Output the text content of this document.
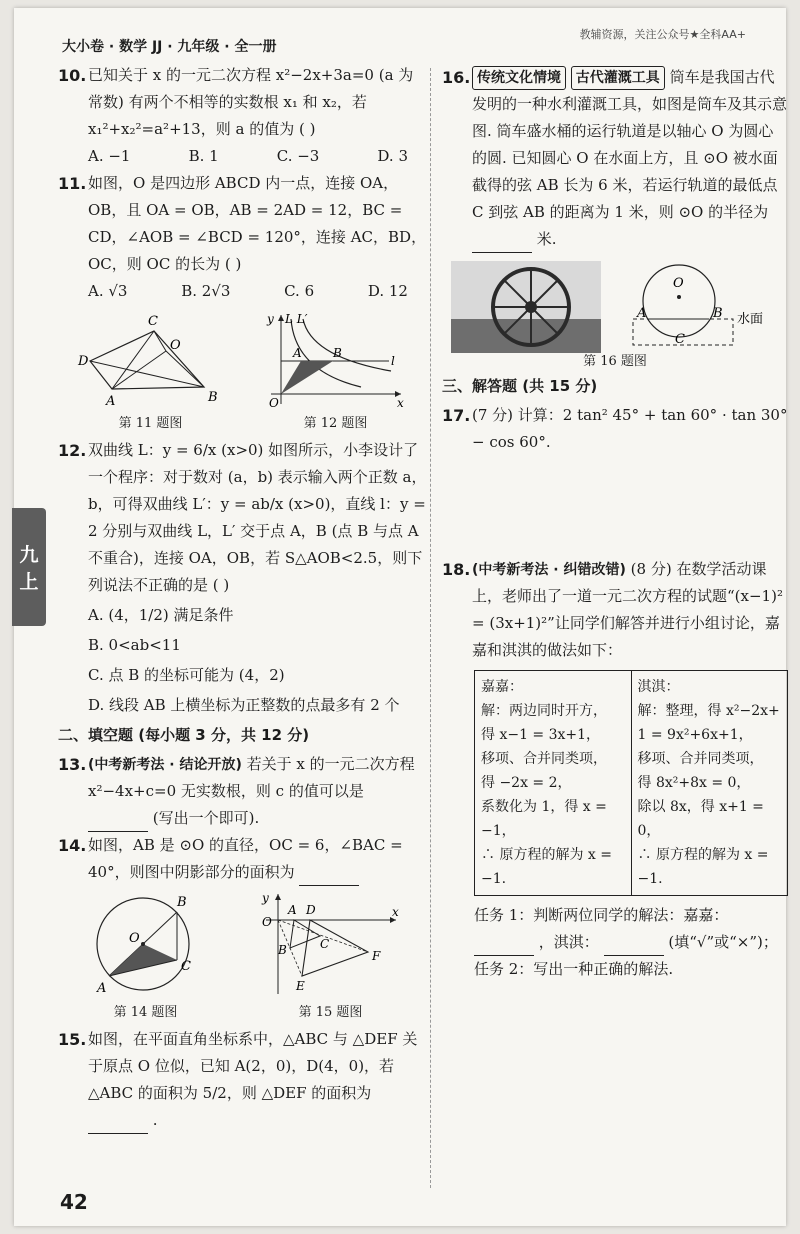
大小卷 · 数学 JJ · 九年级 · 全一册
教辅资源，关注公众号★全科AA+
九
上
10. 已知关于 x 的一元二次方程 x²−2x+3a=0 (a 为常数) 有两个不相等的实数根 x₁ 和 x₂，若 x₁²+x₂²=a²+13，则 a 的值为 ( )
A. −1	B. 1	C. −3	D. 3
11. 如图，O 是四边形 ABCD 内一点，连接 OA，OB，且 OA = OB，AB = 2AD = 12，BC = CD，∠AOB = ∠BCD = 120°，连接 AC，BD，OC，则 OC 的长为 ( )
A. √3	B. 2√3	C. 6	D. 12
D
C
O
A	B
第 11 题图
y L L′
A	B
l
O	x
第 12 题图
12. 双曲线 L：y = 6/x (x>0) 如图所示，小李设计了一个程序：对于数对 (a，b) 表示输入两个正数 a，b，可得双曲线 L′：y = ab/x (x>0)，直线 l：y = 2 分别与双曲线 L，L′ 交于点 A，B (点 B 与点 A 不重合)，连接 OA，OB，若 S△AOB<2.5，则下列说法不正确的是 ( )
A. (4，1/2) 满足条件
B. 0<ab<11
C. 点 B 的坐标可能为 (4，2)
D. 线段 AB 上横坐标为正整数的点最多有 2 个
二、填空题 (每小题 3 分，共 12 分)
13. (中考新考法 · 结论开放) 若关于 x 的一元二次方程 x²−4x+c=0 无实数根，则 c 的值可以是  (写出一个即可).
14. 如图，AB 是 ⊙O 的直径，OC = 6，∠BAC = 40°，则图中阴影部分的面积为
O
B
C
A
第 14 题图
y
A D
O
x
B	C
F
E
第 15 题图
15. 如图，在平面直角坐标系中，△ABC 与 △DEF 关于原点 O 位似，已知 A(2，0)，D(4，0)，若 △ABC 的面积为 5/2，则 △DEF 的面积为  .
16. 传统文化情境 古代灌溉工具 筒车是我国古代发明的一种水利灌溉工具，如图是筒车及其示意图. 筒车盛水桶的运行轨道是以轴心 O 为圆心的圆. 已知圆心 O 在水面上方，且 ⊙O 被水面截得的弦 AB 长为 6 米，若运行轨道的最低点 C 到弦 AB 的距离为 1 米，则 ⊙O 的半径为  米.
O
A	B
C
水面
第 16 题图
三、解答题 (共 15 分)
17. (7 分) 计算：2 tan² 45° + tan 60° · tan 30° − cos 60°.
18. (中考新考法 · 纠错改错) (8 分) 在数学活动课上，老师出了一道一元二次方程的试题“(x−1)² = (3x+1)²”让同学们解答并进行小组讨论，嘉嘉和淇淇的做法如下：
嘉嘉：
解：两边同时开方，
得 x−1 = 3x+1，
移项、合并同类项，
得 −2x = 2，
系数化为 1，得 x =
−1，
∴ 原方程的解为 x =
−1.
淇淇：
解：整理，得 x²−2x+
1 = 9x²+6x+1，
移项、合并同类项，
得 8x²+8x = 0，
除以 8x，得 x+1 = 0，
∴ 原方程的解为 x =
−1.
任务 1：判断两位同学的解法：嘉嘉：  ，淇淇：	(填“√”或“×”)；
任务 2：写出一种正确的解法.
42
